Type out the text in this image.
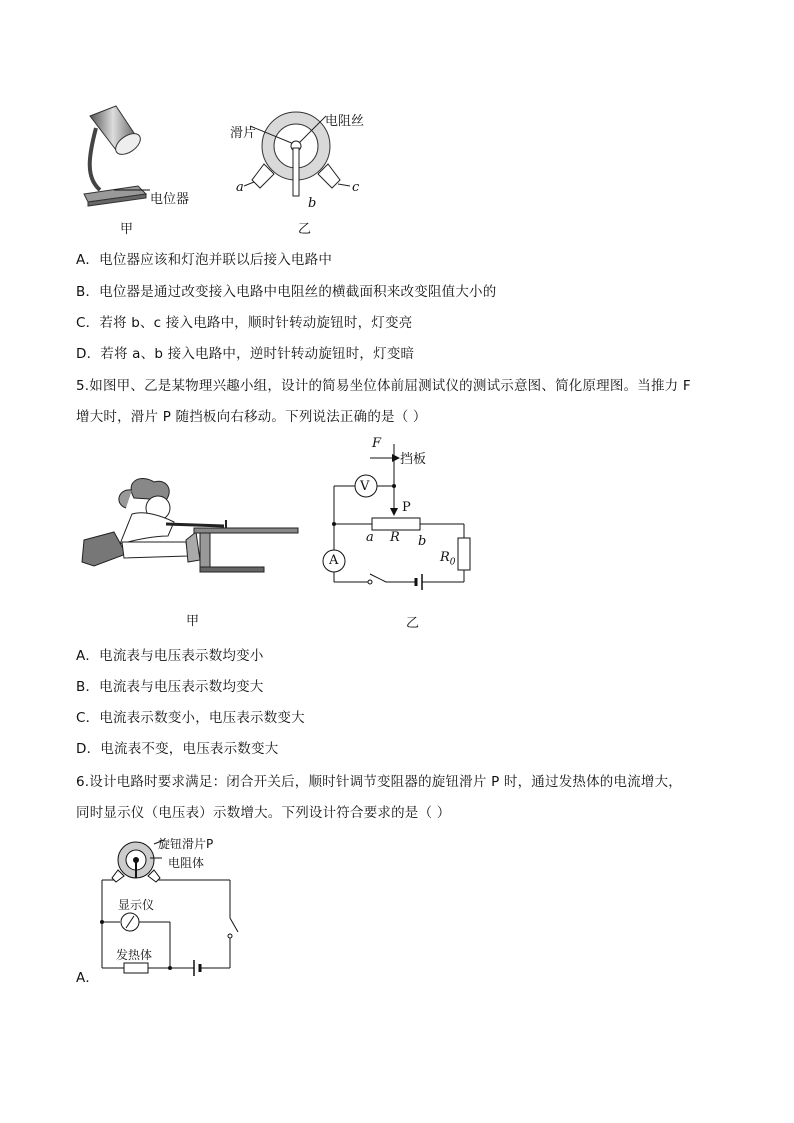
电位器
甲
滑片
电阻丝
a
b
c
乙
A．电位器应该和灯泡并联以后接入电路中
B．电位器是通过改变接入电路中电阻丝的横截面积来改变阻值大小的
C．若将 b、c 接入电路中，顺时针转动旋钮时，灯变亮
D．若将 a、b 接入电路中，逆时针转动旋钮时，灯变暗
5.如图甲、乙是某物理兴趣小组，设计的简易坐位体前屈测试仪的测试示意图、简化原理图。当推力 F
增大时，滑片 P 随挡板向右移动。下列说法正确的是（ ）
甲
F
挡板
V
P
a R b
A	$R_0$
乙
A．电流表与电压表示数均变小
B．电流表与电压表示数均变大
C．电流表示数变小，电压表示数变大
D．电流表不变，电压表示数变大
6.设计电路时要求满足：闭合开关后，顺时针调节变阻器的旋钮滑片 P 时，通过发热体的电流增大，
同时显示仪（电压表）示数增大。下列设计符合要求的是（ ）
旋钮滑片P
电阻体
显示仪
发热体
A．
